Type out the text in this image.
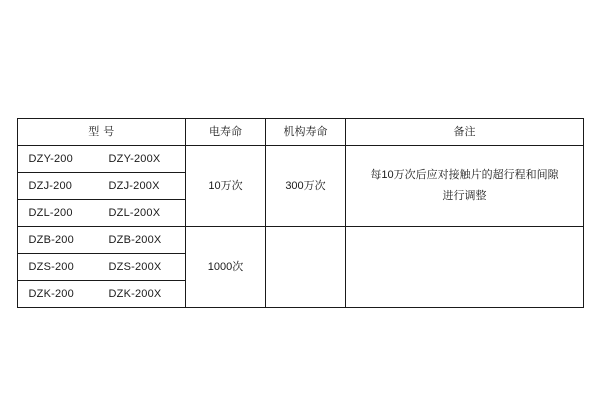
型 号	电寿命	机构寿命	备注

DZY-200 DZY-200X	10万次	300万次	每10万次后应对接触片的超行程和间隙
进行调整

DZJ-200 DZJ-200X			

DZL-200 DZL-200X			

DZB-200 DZB-200X	1000次		

DZS-200 DZS-200X			

DZK-200 DZK-200X			
